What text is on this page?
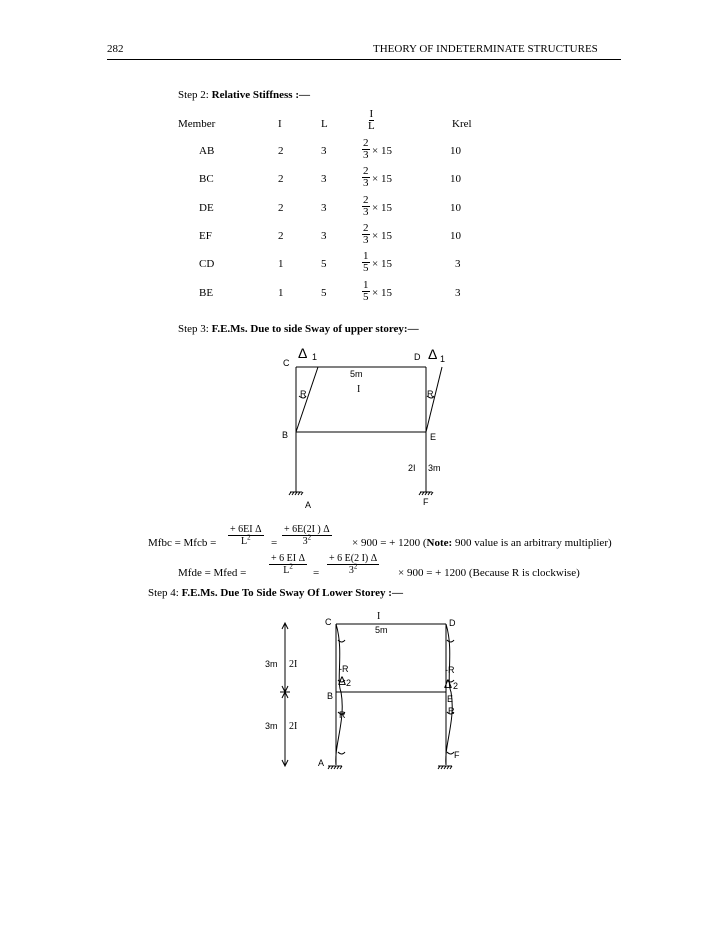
282	THEORY OF INDETERMINATE STRUCTURES
Step 2: Relative Stiffness :—
Member	I	L	$\frac{I}{L}$	Krel
AB	2	3	$\frac{2}{3} \times 15$	10
BC	2	3	$\frac{2}{3} \times 15$	10
DE	2	3	$\frac{2}{3} \times 15$	10
EF	2	3	$\frac{2}{3} \times 15$	10
CD	1	5	$\frac{1}{5} \times 15$	3
BE	1	5	$\frac{1}{5} \times 15$	3
Step 3: F.E.Ms. Due to side Sway of upper storey:—
Δ 1
C
D Δ 1
5m
I
R	R
B	E
2I 3m
A	F
Mfbc = Mfcb = $\frac{\text{+ 6EI Δ}}{L^2} = \frac{+ 6E(2I ) \Delta}{3^2} \times 900$ = + 1200 (Note: 900 value is an arbitrary multiplier)
Mfde = Mfed = $\frac{\text{+ 6 EI Δ}}{L^2} = \frac{+ 6 E(2 I) \Delta}{3^2} \times 900$ = + 1200 (Because R is clockwise)
Step 4: F.E.Ms. Due To Side Sway Of Lower Storey :—
I
C	D
5m
3m 2I	-R
Δ 2
-R
Δ 2
B	E
R	R
3m 2I
A
F
